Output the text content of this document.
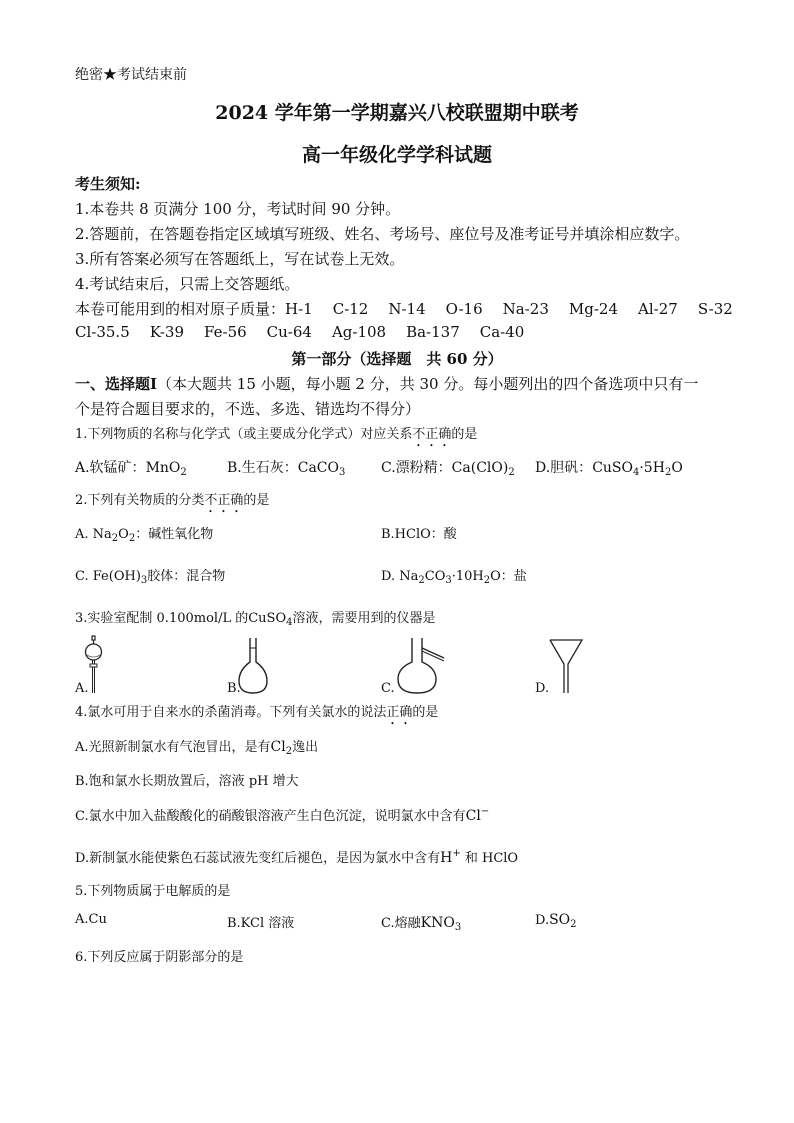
绝密★考试结束前
2024 学年第一学期嘉兴八校联盟期中联考
高一年级化学学科试题
考生须知:
1.本卷共 8 页满分 100 分，考试时间 90 分钟。
2.答题前，在答题卷指定区域填写班级、姓名、考场号、座位号及准考证号并填涂相应数字。
3.所有答案必须写在答题纸上，写在试卷上无效。
4.考试结束后，只需上交答题纸。
本卷可能用到的相对原子质量：H-1 C-12 N-14 O-16 Na-23 Mg-24 Al-27 S-32
Cl-35.5 K-39 Fe-56 Cu-64 Ag-108 Ba-137 Ca-40
第一部分（选择题　共 60 分）
一、选择题Ⅰ（本大题共 15 小题，每小题 2 分，共 30 分。每小题列出的四个备选项中只有一
个是符合题目要求的，不选、多选、错选均不得分）
1.下列物质的名称与化学式（或主要成分化学式）对应关系不正确的是
A.软锰矿：MnO$_2$	B.生石灰：CaCO$_3$	C.漂粉精：$Ca(ClO)_2$ D.胆矾：$CuSO_4\cdot 5H_2O$
2.下列有关物质的分类不正确的是
A. $Na_2O_2$：碱性氧化物	B.HClO：酸
C. $Fe(OH)_3$胶体：混合物	D. $Na_2CO_3\cdot 10H_2O$：盐
3.实验室配制 0.100mol/L 的CuSO$_4$溶液，需要用到的仪器是
A.	B.	C.	D.
4.氯水可用于自来水的杀菌消毒。下列有关氯水的说法正确的是
A.光照新制氯水有气泡冒出，是有$Cl_2$逸出
B.饱和氯水长期放置后，溶液 pH 增大
C.氯水中加入盐酸酸化的硝酸银溶液产生白色沉淀，说明氯水中含有Cl−
D.新制氯水能使紫色石蕊试液先变红后褪色，是因为氯水中含有H+ 和 HClO
5.下列物质属于电解质的是
A.Cu	B.KCl 溶液	C.熔融$KNO_3$	$D.SO_2$
6.下列反应属于阴影部分的是
